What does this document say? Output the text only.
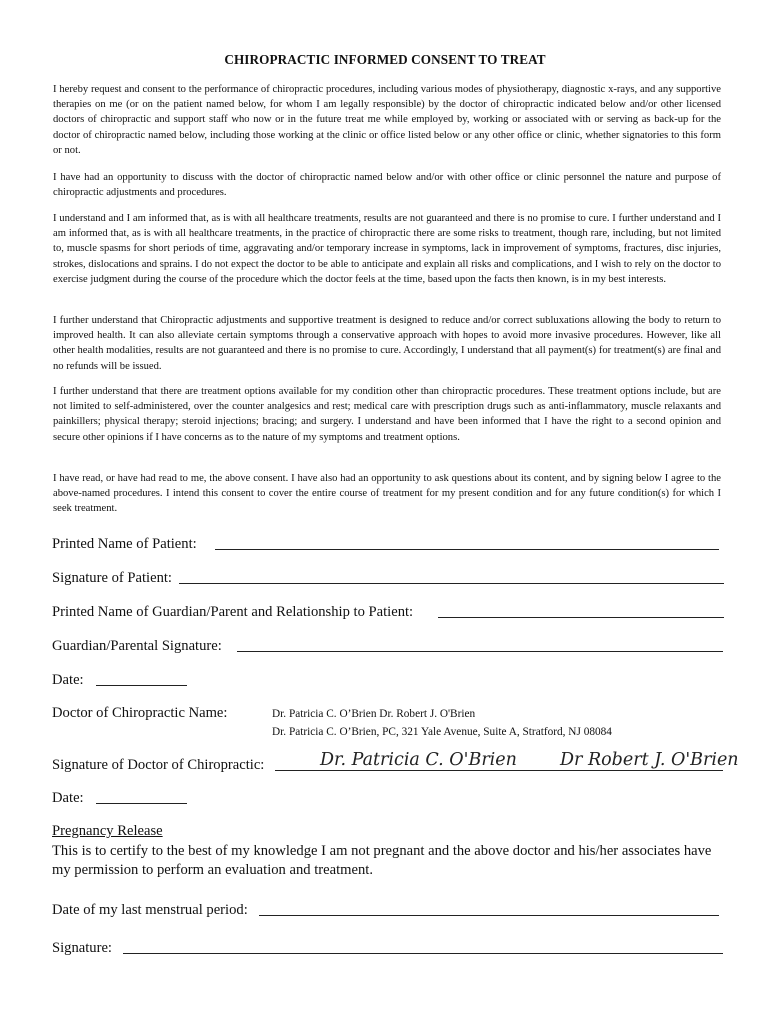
CHIROPRACTIC INFORMED CONSENT TO TREAT

I hereby request and consent to the performance of chiropractic procedures, including various modes of physiotherapy, diagnostic x-rays, and any supportive therapies on me (or on the patient named below, for whom I am legally responsible) by the doctor of chiropractic indicated below and/or other licensed doctors of chiropractic and support staff who now or in the future treat me while employed by, working or associated with or serving as back-up for the doctor of chiropractic named below, including those working at the clinic or office listed below or any other office or clinic, whether signatories to this form or not.

I have had an opportunity to discuss with the doctor of chiropractic named below and/or with other office or clinic personnel the nature and purpose of chiropractic adjustments and procedures.

I understand and I am informed that, as is with all healthcare treatments, results are not guaranteed and there is no promise to cure. I further understand and I am informed that, as is with all healthcare treatments, in the practice of chiropractic there are some risks to treatment, though rare, including, but not limited to, muscle spasms for short periods of time, aggravating and/or temporary increase in symptoms, lack in improvement of symptoms, fractures, disc injuries, strokes, dislocations and sprains. I do not expect the doctor to be able to anticipate and explain all risks and complications, and I wish to rely on the doctor to exercise judgment during the course of the procedure which the doctor feels at the time, based upon the facts then known, is in my best interests.

I further understand that Chiropractic adjustments and supportive treatment is designed to reduce and/or correct subluxations allowing the body to return to improved health. It can also alleviate certain symptoms through a conservative approach with hopes to avoid more invasive procedures. However, like all other health modalities, results are not guaranteed and there is no promise to cure. Accordingly, I understand that all payment(s) for treatment(s) are final and no refunds will be issued.

I further understand that there are treatment options available for my condition other than chiropractic procedures. These treatment options include, but are not limited to self-administered, over the counter analgesics and rest; medical care with prescription drugs such as anti-inflammatory, muscle relaxants and painkillers; physical therapy; steroid injections; bracing; and surgery. I understand and have been informed that I have the right to a second opinion and secure other opinions if I have concerns as to the nature of my symptoms and treatment options.

I have read, or have had read to me, the above consent. I have also had an opportunity to ask questions about its content, and by signing below I agree to the above-named procedures. I intend this consent to cover the entire course of treatment for my present condition and for any future condition(s) for which I seek treatment.

Printed Name of Patient:
Signature of Patient:
Printed Name of Guardian/Parent and Relationship to Patient:
Guardian/Parental Signature:
Date:
Doctor of Chiropractic Name:	Dr. Patricia C. O’Brien Dr. Robert J. O'Brien
Dr. Patricia C. O’Brien, PC, 321 Yale Avenue, Suite A, Stratford, NJ 08084
Signature of Doctor of Chiropractic:	Dr. Patricia C. O'Brien Dr Robert J. O'Brien
Date:
Pregnancy Release

This is to certify to the best of my knowledge I am not pregnant and the above doctor and his/her associates have my permission to perform an evaluation and treatment.

Date of my last menstrual period:
Signature:
